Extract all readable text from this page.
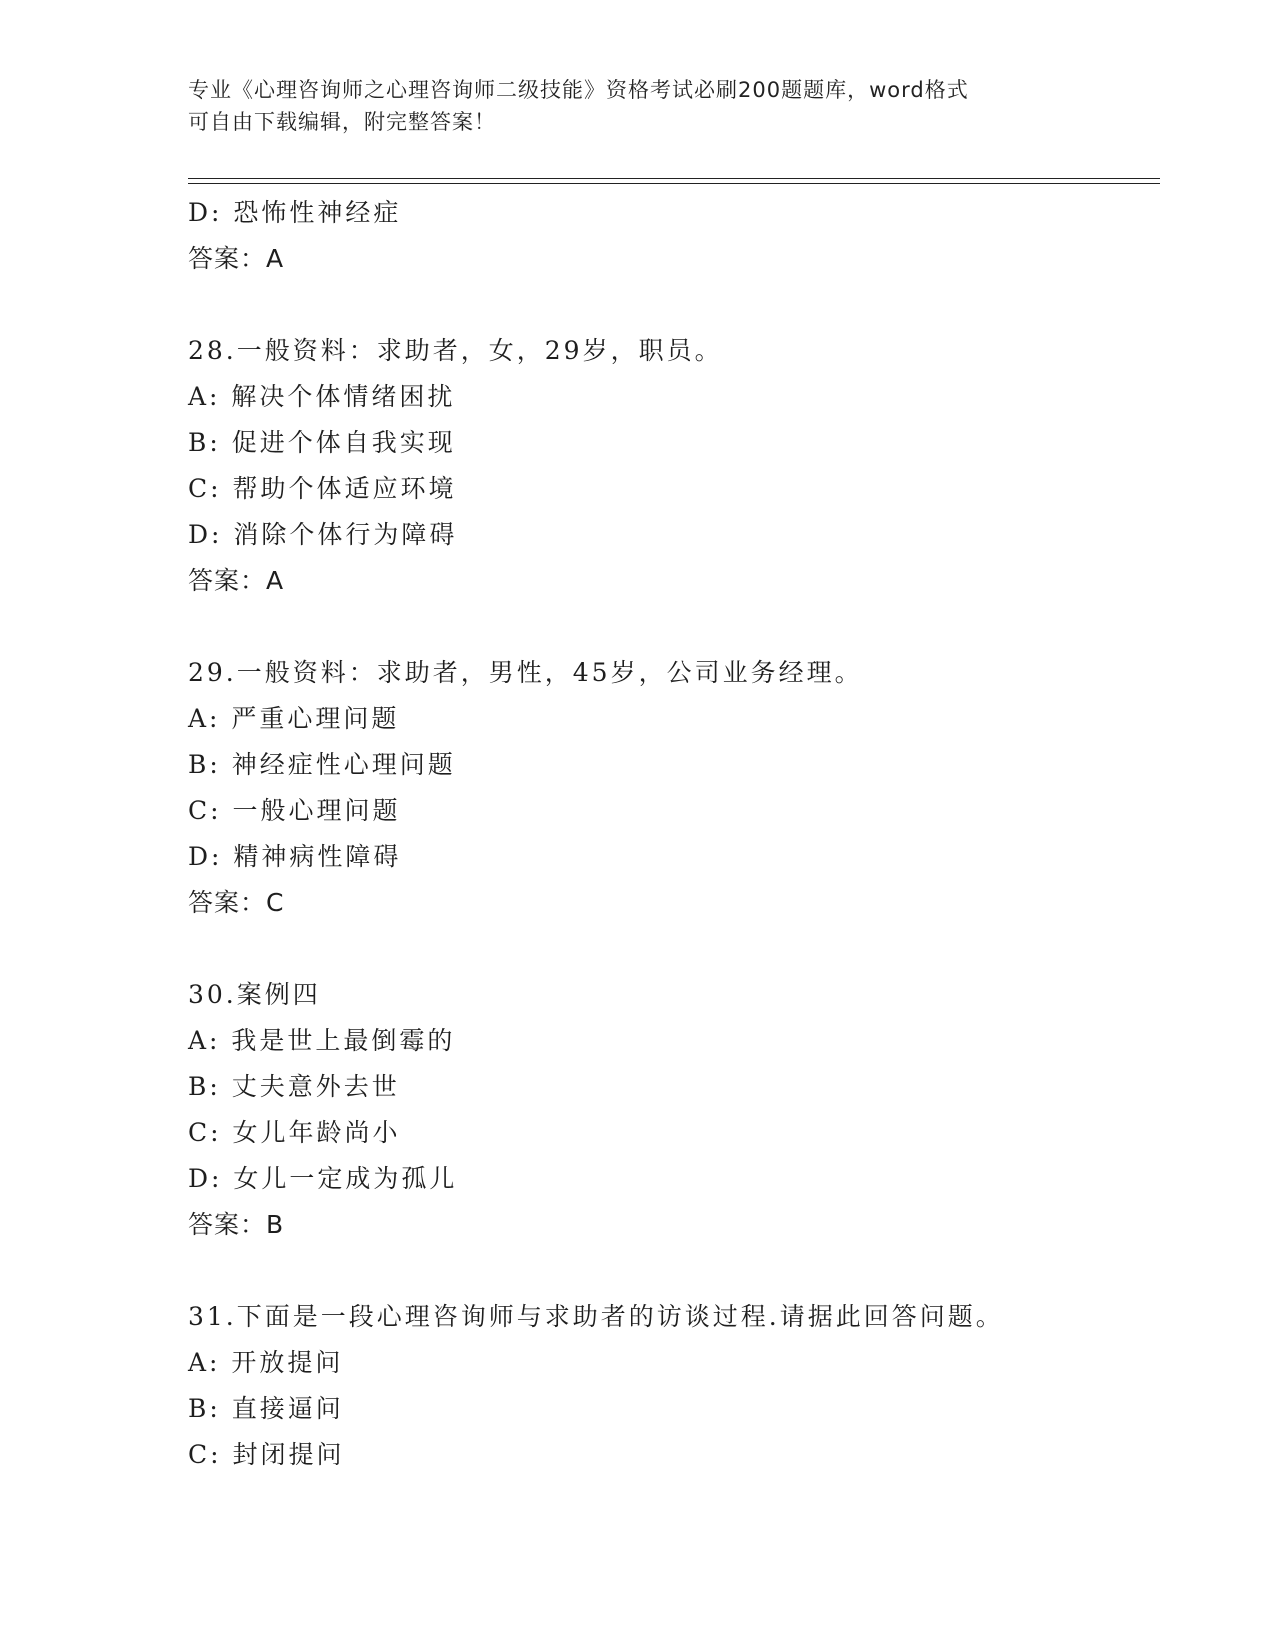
专业《心理咨询师之心理咨询师二级技能》资格考试必刷200题题库，word格式
可自由下载编辑，附完整答案！
D: 恐怖性神经症
答案：A
28.一般资料：求助者，女，29岁，职员。
A: 解决个体情绪困扰
B: 促进个体自我实现
C: 帮助个体适应环境
D: 消除个体行为障碍
答案：A
29.一般资料：求助者，男性，45岁，公司业务经理。
A: 严重心理问题
B: 神经症性心理问题
C: 一般心理问题
D: 精神病性障碍
答案：C
30.案例四
A: 我是世上最倒霉的
B: 丈夫意外去世
C: 女儿年龄尚小
D: 女儿一定成为孤儿
答案：B
31.下面是一段心理咨询师与求助者的访谈过程.请据此回答问题。
A: 开放提问
B: 直接逼问
C: 封闭提问
